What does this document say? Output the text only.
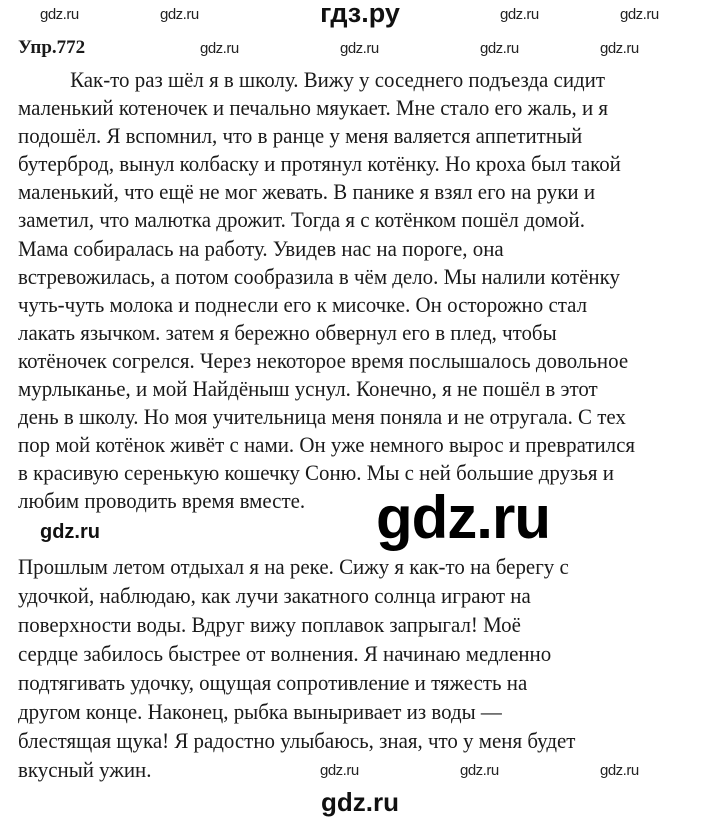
гдз.ру
Упр.772
Как-то раз шёл я в школу. Вижу у соседнего подъезда сидит
маленький котеночек и печально мяукает. Мне стало его жаль, и я
подошёл. Я вспомнил, что в ранце у меня валяется аппетитный
бутерброд, вынул колбаску и протянул котёнку. Но кроха был такой
маленький, что ещё не мог жевать. В панике я взял его на руки и
заметил, что малютка дрожит. Тогда я с котёнком пошёл домой.
Мама собиралась на работу. Увидев нас на пороге, она
встревожилась, а потом сообразила в чём дело. Мы налили котёнку
чуть-чуть молока и поднесли его к мисочке. Он осторожно стал
лакать язычком. затем я бережно обвернул его в плед, чтобы
котёночек согрелся. Через некоторое время послышалось довольное
мурлыканье, и мой Найдёныш уснул. Конечно, я не пошёл в этот
день в школу. Но моя учительница меня поняла и не отругала. С тех
пор мой котёнок живёт с нами. Он уже немного вырос и превратился
в красивую серенькую кошечку Соню. Мы с ней большие друзья и
любим проводить время вместе.
Прошлым летом отдыхал я на реке. Сижу я как-то на берегу с
удочкой, наблюдаю, как лучи закатного солнца играют на
поверхности воды. Вдруг вижу поплавок запрыгал! Моё
сердце забилось быстрее от волнения. Я начинаю медленно
подтягивать удочку, ощущая сопротивление и тяжесть на
другом конце. Наконец, рыбка выныривает из воды —
блестящая щука! Я радостно улыбаюсь, зная, что у меня будет
вкусный ужин.
gdz.ru	gdz.ru	gdz.ru	gdz.ru
gdz.ru	gdz.ru	gdz.ru	gdz.ru
gdz.ru	gdz.ru	gdz.ru
gdz.ru
gdz.ru
gdz.ru
